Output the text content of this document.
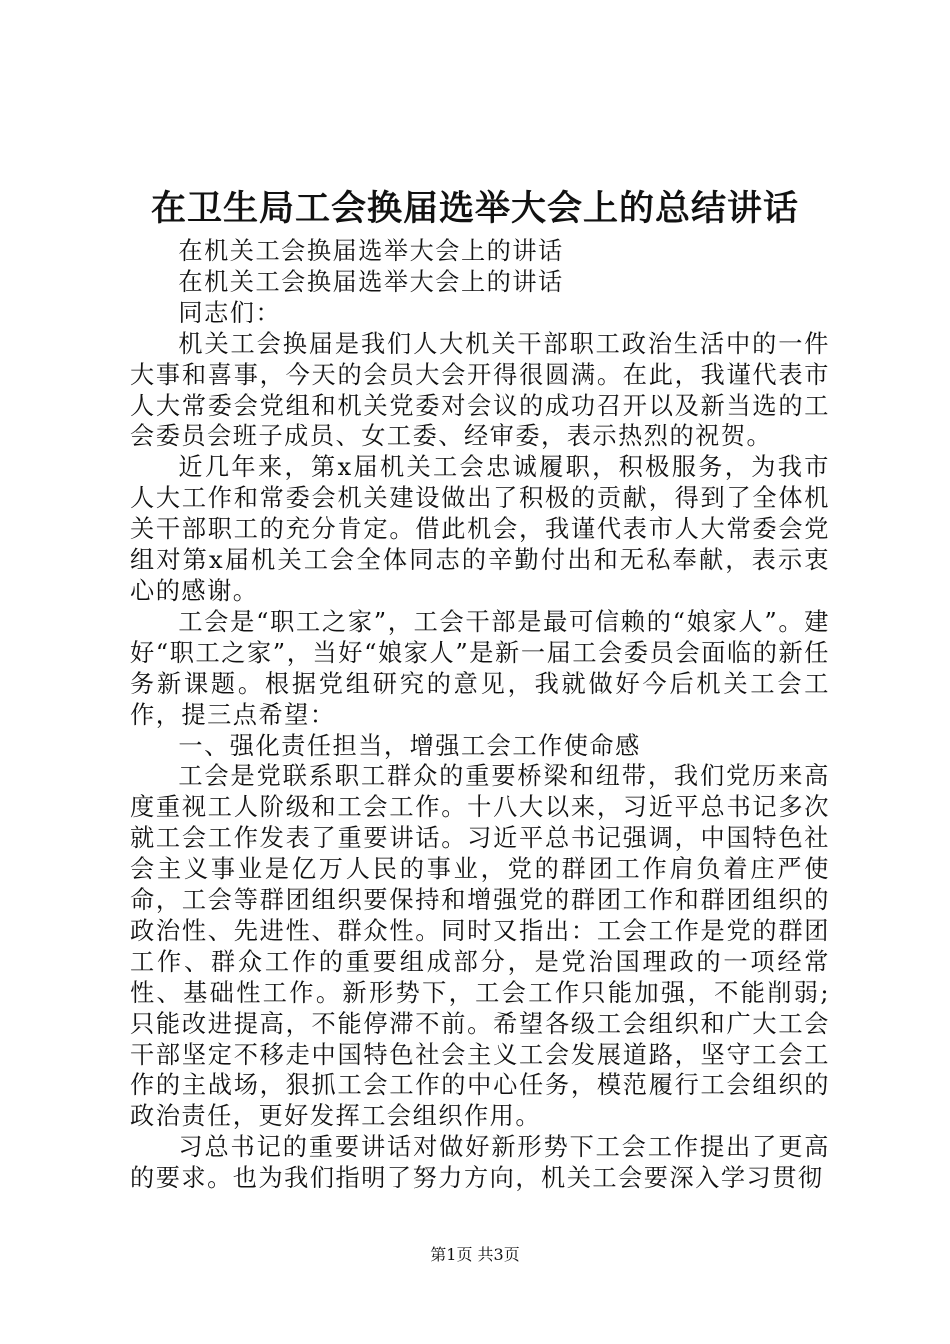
在卫生局工会换届选举大会上的总结讲话

在机关工会换届选举大会上的讲话

在机关工会换届选举大会上的讲话

同志们：

机关工会换届是我们人大机关干部职工政治生活中的一件大事和喜事，今天的会员大会开得很圆满。在此，我谨代表市人大常委会党组和机关党委对会议的成功召开以及新当选的工会委员会班子成员、女工委、经审委，表示热烈的祝贺。

近几年来，第x届机关工会忠诚履职，积极服务，为我市人大工作和常委会机关建设做出了积极的贡献，得到了全体机关干部职工的充分肯定。借此机会，我谨代表市人大常委会党组对第x届机关工会全体同志的辛勤付出和无私奉献，表示衷心的感谢。

工会是“职工之家”，工会干部是最可信赖的“娘家人”。建好“职工之家”，当好“娘家人”是新一届工会委员会面临的新任务新课题。根据党组研究的意见，我就做好今后机关工会工作，提三点希望：

一、强化责任担当，增强工会工作使命感

工会是党联系职工群众的重要桥梁和纽带，我们党历来高度重视工人阶级和工会工作。十八大以来，习近平总书记多次就工会工作发表了重要讲话。习近平总书记强调，中国特色社会主义事业是亿万人民的事业，党的群团工作肩负着庄严使命，工会等群团组织要保持和增强党的群团工作和群团组织的政治性、先进性、群众性。同时又指出：工会工作是党的群团工作、群众工作的重要组成部分，是党治国理政的一项经常性、基础性工作。新形势下，工会工作只能加强，不能削弱;只能改进提高，不能停滞不前。希望各级工会组织和广大工会干部坚定不移走中国特色社会主义工会发展道路，坚守工会工作的主战场，狠抓工会工作的中心任务，模范履行工会组织的政治责任，更好发挥工会组织作用。

习总书记的重要讲话对做好新形势下工会工作提出了更高的要求。也为我们指明了努力方向，机关工会要深入学习贯彻

第1页 共3页
